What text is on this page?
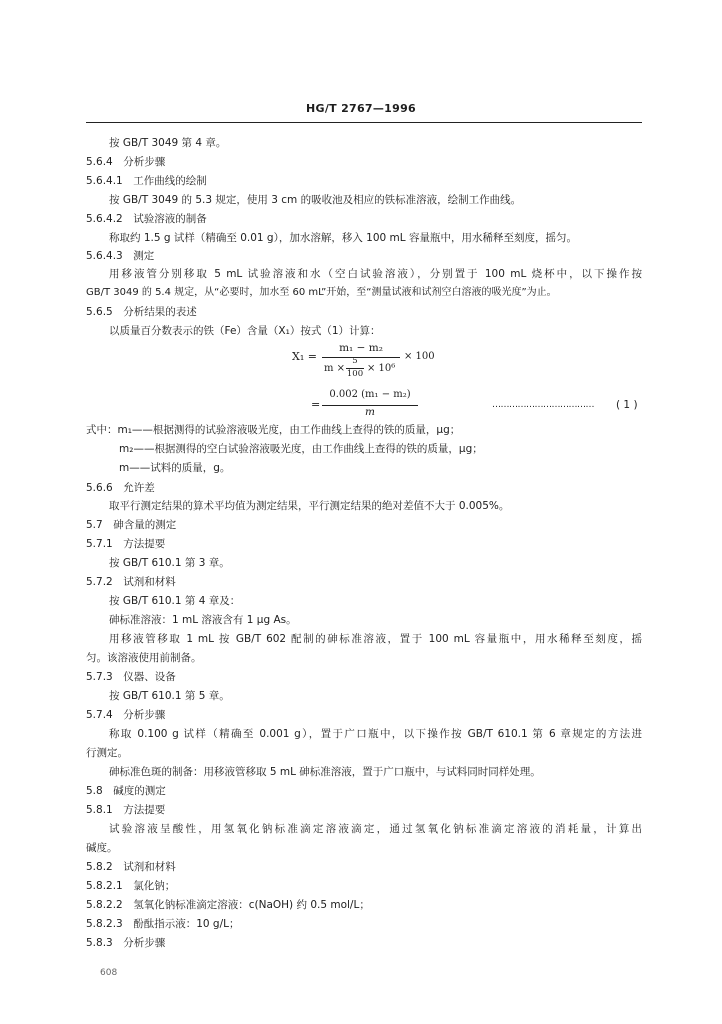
HG/T 2767—1996
按 GB/T 3049 第 4 章。
5.6.4　分析步骤
5.6.4.1　工作曲线的绘制
按 GB/T 3049 的 5.3 规定，使用 3 cm 的吸收池及相应的铁标准溶液，绘制工作曲线。
5.6.4.2　试验溶液的制备
称取约 1.5 g 试样（精确至 0.01 g），加水溶解，移入 100 mL 容量瓶中，用水稀释至刻度，摇匀。
5.6.4.3　测定
用移液管分别移取 5 mL 试验溶液和水（空白试验溶液），分别置于 100 mL 烧杯中，以下操作按
GB/T 3049 的 5.4 规定，从“必要时，加水至 60 mL”开始，至“测量试液和试剂空白溶液的吸光度”为止。
5.6.5　分析结果的表述
以质量百分数表示的铁（Fe）含量（X₁）按式（1）计算：
X₁ =
m₁ − m₂
m ×
5
100 × 10⁶
× 100
=
0.002 (m₁ − m₂)
m
……………………………… ( 1 )
式中：m₁——根据测得的试验溶液吸光度，由工作曲线上查得的铁的质量，μg；
m₂——根据测得的空白试验溶液吸光度，由工作曲线上查得的铁的质量，μg；
m——试料的质量，g。
5.6.6　允许差
取平行测定结果的算术平均值为测定结果，平行测定结果的绝对差值不大于 0.005%。
5.7　砷含量的测定
5.7.1　方法提要
按 GB/T 610.1 第 3 章。
5.7.2　试剂和材料
按 GB/T 610.1 第 4 章及：
砷标准溶液：1 mL 溶液含有 1 μg As。
用移液管移取 1 mL 按 GB/T 602 配制的砷标准溶液，置于 100 mL 容量瓶中，用水稀释至刻度，摇
匀。该溶液使用前制备。
5.7.3　仪器、设备
按 GB/T 610.1 第 5 章。
5.7.4　分析步骤
称取 0.100 g 试样（精确至 0.001 g），置于广口瓶中，以下操作按 GB/T 610.1 第 6 章规定的方法进
行测定。
砷标准色斑的制备：用移液管移取 5 mL 砷标准溶液，置于广口瓶中，与试料同时同样处理。
5.8　碱度的测定
5.8.1　方法提要
试验溶液呈酸性，用氢氧化钠标准滴定溶液滴定，通过氢氧化钠标准滴定溶液的消耗量，计算出
碱度。
5.8.2　试剂和材料
5.8.2.1　氯化钠；
5.8.2.2　氢氧化钠标准滴定溶液：c(NaOH) 约 0.5 mol/L；
5.8.2.3　酚酞指示液：10 g/L；
5.8.3　分析步骤
608
